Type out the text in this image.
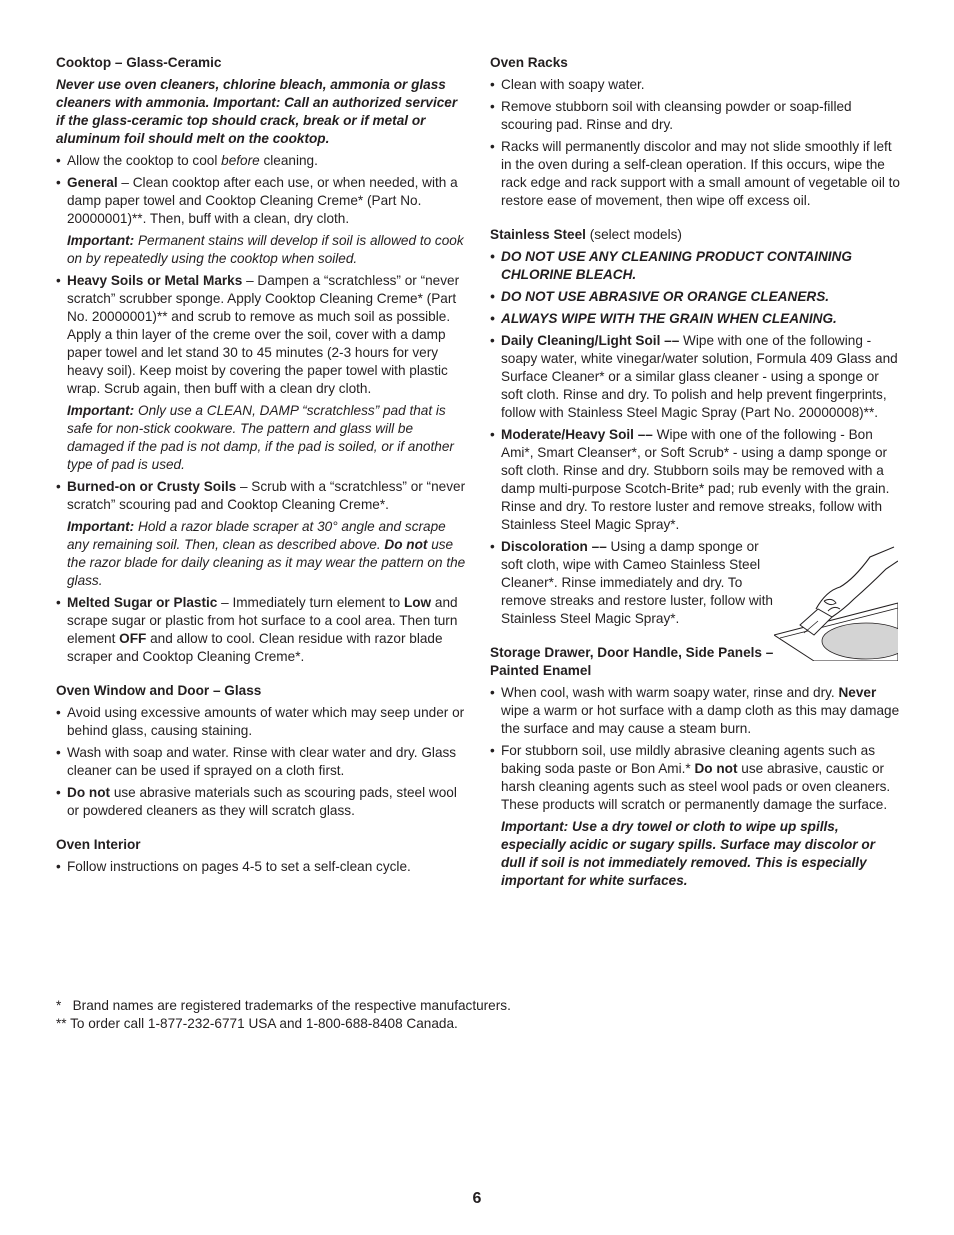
Cooktop – Glass-Ceramic
Never use oven cleaners, chlorine bleach, ammonia or glass cleaners with ammonia. Important: Call an authorized servicer if the glass-ceramic top should crack, break or if metal or aluminum foil should melt on the cooktop.
• Allow the cooktop to cool before cleaning.
• General – Clean cooktop after each use, or when needed, with a damp paper towel and Cooktop Cleaning Creme* (Part No. 20000001)**. Then, buff with a clean, dry cloth.
Important: Permanent stains will develop if soil is allowed to cook on by repeatedly using the cooktop when soiled.
• Heavy Soils or Metal Marks – Dampen a “scratchless” or “never scratch” scrubber sponge. Apply Cooktop Cleaning Creme* (Part No. 20000001)** and scrub to remove as much soil as possible. Apply a thin layer of the creme over the soil, cover with a damp paper towel and let stand 30 to 45 minutes (2-3 hours for very heavy soil). Keep moist by covering the paper towel with plastic wrap. Scrub again, then buff with a clean dry cloth.
Important: Only use a CLEAN, DAMP “scratchless” pad that is safe for non-stick cookware. The pattern and glass will be damaged if the pad is not damp, if the pad is soiled, or if another type of pad is used.
• Burned-on or Crusty Soils – Scrub with a “scratchless” or “never scratch” scouring pad and Cooktop Cleaning Creme*.
Important: Hold a razor blade scraper at 30° angle and scrape any remaining soil. Then, clean as described above. Do not use the razor blade for daily cleaning as it may wear the pattern on the glass.
• Melted Sugar or Plastic – Immediately turn element to Low and scrape sugar or plastic from hot surface to a cool area. Then turn element OFF and allow to cool. Clean residue with razor blade scraper and Cooktop Cleaning Creme*.
Oven Window and Door – Glass
• Avoid using excessive amounts of water which may seep under or behind glass, causing staining.
• Wash with soap and water. Rinse with clear water and dry. Glass cleaner can be used if sprayed on a cloth first.
• Do not use abrasive materials such as scouring pads, steel wool or powdered cleaners as they will scratch glass.
Oven Interior
• Follow instructions on pages 4-5 to set a self-clean cycle.
Oven Racks
• Clean with soapy water.
• Remove stubborn soil with cleansing powder or soap-filled scouring pad. Rinse and dry.
• Racks will permanently discolor and may not slide smoothly if left in the oven during a self-clean operation. If this occurs, wipe the rack edge and rack support with a small amount of vegetable oil to restore ease of movement, then wipe off excess oil.
Stainless Steel (select models)
• DO NOT USE ANY CLEANING PRODUCT CONTAINING CHLORINE BLEACH.
• DO NOT USE ABRASIVE OR ORANGE CLEANERS.
• ALWAYS WIPE WITH THE GRAIN WHEN CLEANING.
• Daily Cleaning/Light Soil –– Wipe with one of the following - soapy water, white vinegar/water solution, Formula 409 Glass and Surface Cleaner* or a similar glass cleaner - using a sponge or soft cloth. Rinse and dry. To polish and help prevent fingerprints, follow with Stainless Steel Magic Spray (Part No. 20000008)**.
• Moderate/Heavy Soil –– Wipe with one of the following - Bon Ami*, Smart Cleanser*, or Soft Scrub* - using a damp sponge or soft cloth. Rinse and dry. Stubborn soils may be removed with a damp multi-purpose Scotch-Brite* pad; rub evenly with the grain. Rinse and dry. To restore luster and remove streaks, follow with Stainless Steel Magic Spray*.
• Discoloration –– Using a damp sponge or soft cloth, wipe with Cameo Stainless Steel Cleaner*. Rinse immediately and dry. To remove streaks and restore luster, follow with Stainless Steel Magic Spray*.
Storage Drawer, Door Handle, Side Panels –
Painted Enamel
• When cool, wash with warm soapy water, rinse and dry. Never wipe a warm or hot surface with a damp cloth as this may damage the surface and may cause a steam burn.
• For stubborn soil, use mildly abrasive cleaning agents such as baking soda paste or Bon Ami.* Do not use abrasive, caustic or harsh cleaning agents such as steel wool pads or oven cleaners. These products will scratch or permanently damage the surface.
Important: Use a dry towel or cloth to wipe up spills, especially acidic or sugary spills. Surface may discolor or dull if soil is not immediately removed. This is especially important for white surfaces.
*   Brand names are registered trademarks of the respective manufacturers.
** To order call 1-877-232-6771 USA and 1-800-688-8408 Canada.
6
